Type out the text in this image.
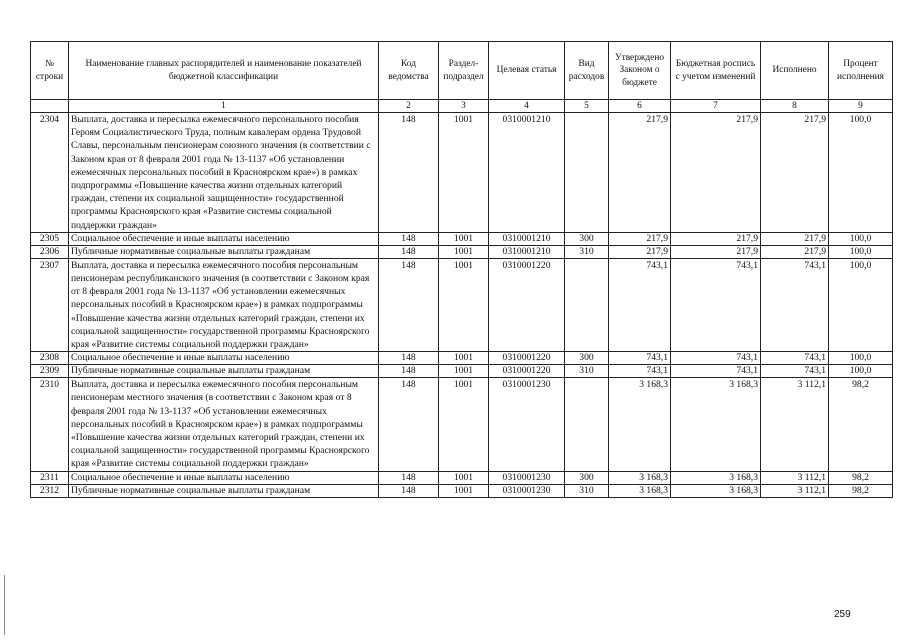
№ строки	Наименование главных распорядителей и наименование показателей бюджетной классификации	Код ведомства	Раздел- подраздел	Целевая статья	Вид расходов	Утверждено Законом о бюджете	Бюджетная роспись с учетом изменений	Исполнено	Процент исполнения
	1	2	3	4	5	6	7	8	9
2304	Выплата, доставка и пересылка ежемесячного персонального пособия Героям Социалистического Труда, полным кавалерам ордена Трудовой Славы, персональным пенсионерам союзного значения (в соответствии с Законом края от 8 февраля 2001 года № 13-1137 «Об установлении ежемесячных персональных пособий в Красноярском крае») в рамках подпрограммы «Повышение качества жизни отдельных категорий граждан, степени их социальной защищенности» государственной программы Красноярского края «Развитие системы социальной поддержки граждан»	148	1001	0310001210		217,9	217,9	217,9	100,0
2305	Социальное обеспечение и иные выплаты населению	148	1001	0310001210	300	217,9	217,9	217,9	100,0
2306	Публичные нормативные социальные выплаты гражданам	148	1001	0310001210	310	217,9	217,9	217,9	100,0
2307	Выплата, доставка и пересылка ежемесячного пособия персональным пенсионерам республиканского значения (в соответствии с Законом края от 8 февраля 2001 года № 13-1137 «Об установлении ежемесячных персональных пособий в Красноярском крае») в рамках подпрограммы «Повышение качества жизни отдельных категорий граждан, степени их социальной защищенности» государственной программы Красноярского края «Развитие системы социальной поддержки граждан»	148	1001	0310001220		743,1	743,1	743,1	100,0
2308	Социальное обеспечение и иные выплаты населению	148	1001	0310001220	300	743,1	743,1	743,1	100,0
2309	Публичные нормативные социальные выплаты гражданам	148	1001	0310001220	310	743,1	743,1	743,1	100,0
2310	Выплата, доставка и пересылка ежемесячного пособия персональным пенсионерам местного значения (в соответствии с Законом края от 8 февраля 2001 года № 13-1137 «Об установлении ежемесячных персональных пособий в Красноярском крае») в рамках подпрограммы «Повышение качества жизни отдельных категорий граждан, степени их социальной защищенности» государственной программы Красноярского края «Развитие системы социальной поддержки граждан»	148	1001	0310001230		3 168,3	3 168,3	3 112,1	98,2
2311	Социальное обеспечение и иные выплаты населению	148	1001	0310001230	300	3 168,3	3 168,3	3 112,1	98,2
2312	Публичные нормативные социальные выплаты гражданам	148	1001	0310001230	310	3 168,3	3 168,3	3 112,1	98,2
259
